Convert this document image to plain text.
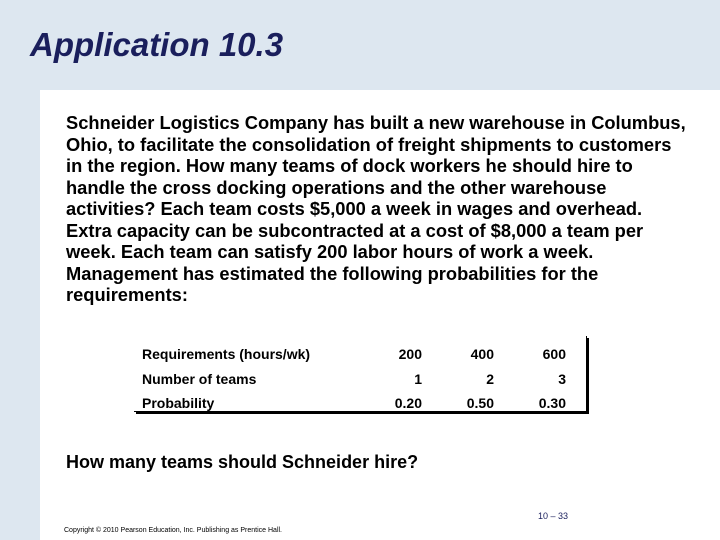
Application 10.3

Schneider Logistics Company has built a new warehouse in Columbus, Ohio, to facilitate the consolidation of freight shipments to customers in the region. How many teams of dock workers he should hire to handle the cross docking operations and the other warehouse activities? Each team costs $5,000 a week in wages and overhead. Extra capacity can be subcontracted at a cost of $8,000 a team per week. Each team can satisfy 200 labor hours of work a week. Management has estimated the following probabilities for the requirements:

Requirements (hours/wk)	200		400		600
Number of teams	1		2		3
Probability	0.20		0.50		0.30

How many teams should Schneider hire?

10 – 33
Copyright © 2010 Pearson Education, Inc. Publishing as Prentice Hall.
